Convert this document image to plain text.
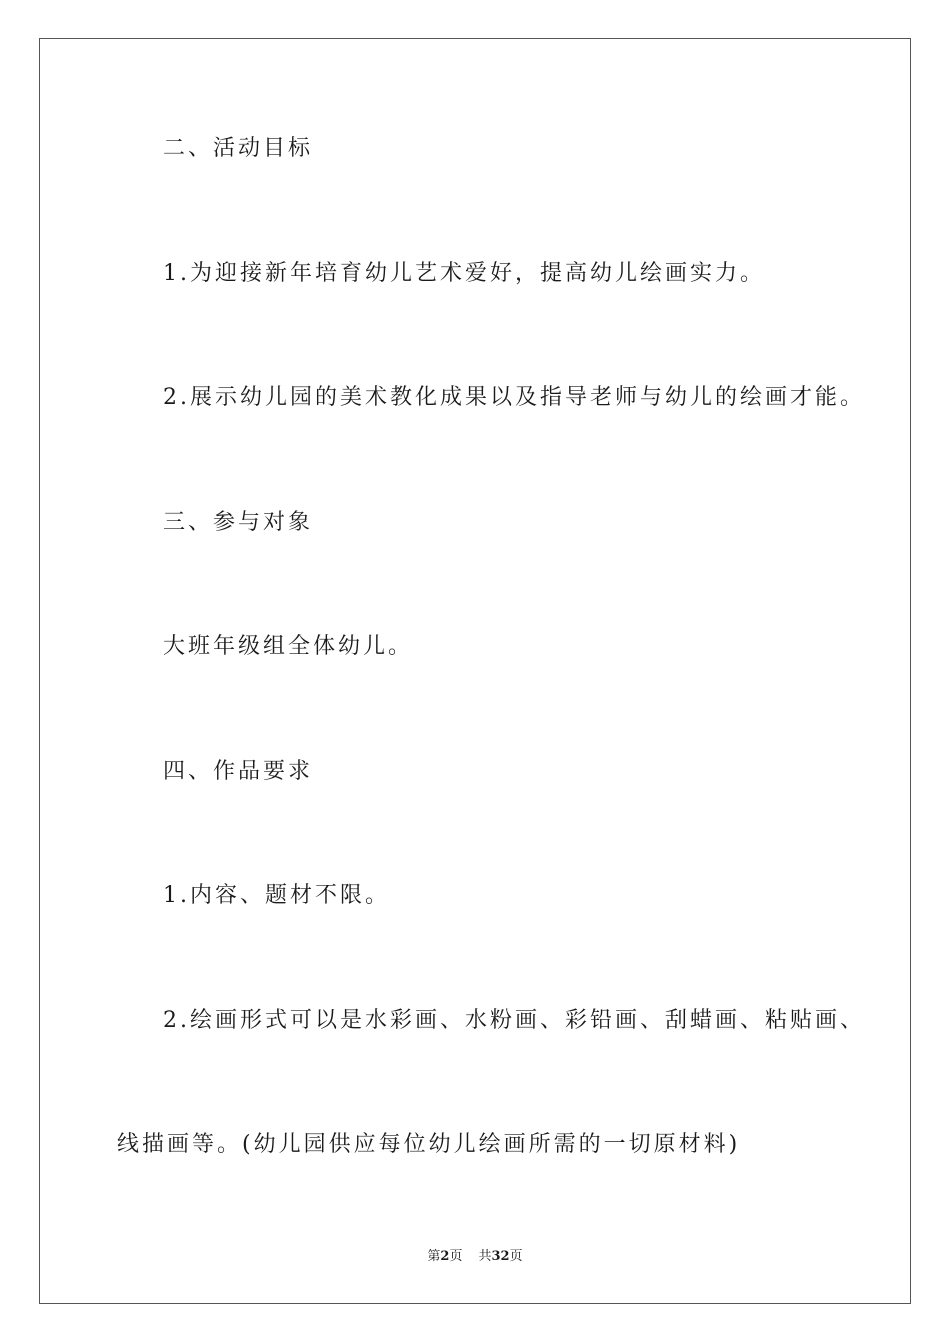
二、活动目标
1.为迎接新年培育幼儿艺术爱好，提高幼儿绘画实力。
2.展示幼儿园的美术教化成果以及指导老师与幼儿的绘画才能。
三、参与对象
大班年级组全体幼儿。
四、作品要求
1.内容、题材不限。
2.绘画形式可以是水彩画、水粉画、彩铅画、刮蜡画、粘贴画、
线描画等。(幼儿园供应每位幼儿绘画所需的一切原材料)
第2页 共32页
